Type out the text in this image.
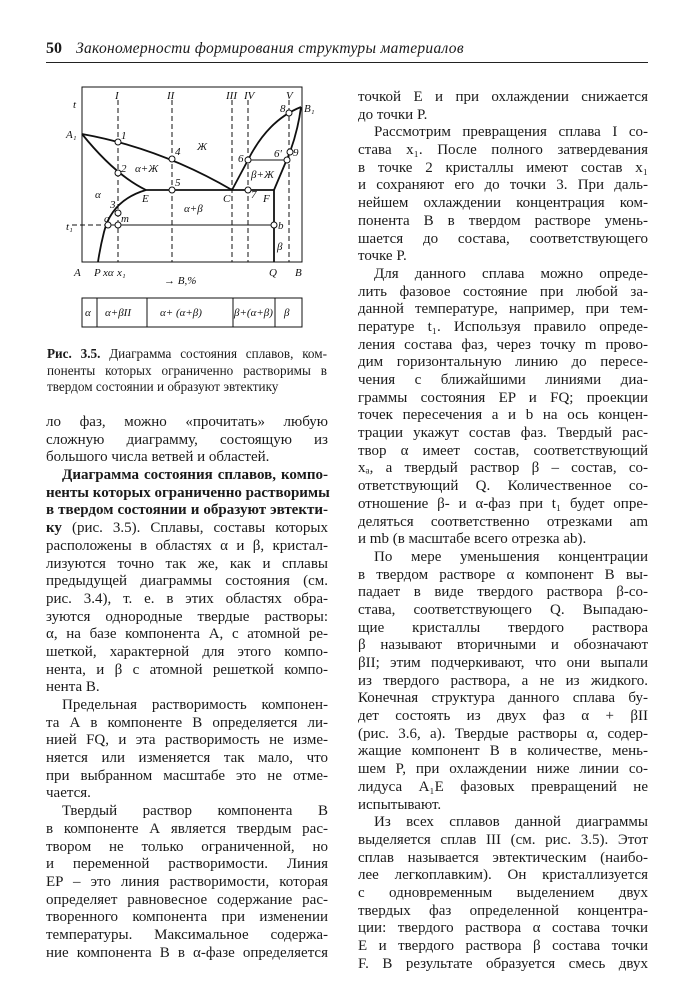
50 Закономерности формирования структуры материалов
t
A₁
B₁
t₁
I	II	III IV	V
1
2
3
4
5
6	6′
7
8
9
E	C	F
a m
b
Ж
α+Ж	β+Ж
α
α+β
β
A P xα x₁	Q B
→ B,%
α α+βII	α+ (α+β)	β+(α+β) β
Рис. 3.5. Диаграмма состояния сплавов, ком-
поненты которых ограниченно растворимы в
твердом состоянии и образуют эвтектику
ло фаз, можно «прочитать» любую
сложную диаграмму, состоящую из
большого числа ветвей и областей.
Диаграмма состояния сплавов, компо-
ненты которых ограниченно растворимы
в твердом состоянии и образуют эвтекти-
ку (рис. 3.5). Сплавы, составы которых
расположены в областях α и β, кристал-
лизуются точно так же, как и сплавы
предыдущей диаграммы состояния (см.
рис. 3.4), т. е. в этих областях обра-
зуются однородные твердые растворы:
α, на базе компонента А, с атомной ре-
шеткой, характерной для этого компо-
нента, и β с атомной решеткой компо-
нента В.
Предельная растворимость компонен-
та А в компоненте В определяется ли-
нией FQ, и эта растворимость не изме-
няется или изменяется так мало, что
при выбранном масштабе это не отме-
чается.
Твердый раствор компонента В
в компоненте А является твердым рас-
твором не только ограниченной, но
и переменной растворимости. Линия
EP – это линия растворимости, которая
определяет равновесное содержание рас-
творенного компонента при изменении
температуры. Максимальное содержа-
ние компонента B в α-фазе определяется
точкой E и при охлаждении снижается
до точки P.
Рассмотрим превращения сплава I со-
става x₁. После полного затвердевания
в точке 2 кристаллы имеют состав x₁
и сохраняют его до точки 3. При даль-
нейшем охлаждении концентрация ком-
понента В в твердом растворе умень-
шается до состава, соответствующего
точке P.
Для данного сплава можно опреде-
лить фазовое состояние при любой за-
данной температуре, например, при тем-
пературе t₁. Используя правило опреде-
ления состава фаз, через точку m прово-
дим горизонтальную линию до пересе-
чения с ближайшими линиями диа-
граммы состояния EP и FQ; проекции
точек пересечения a и b на ось концен-
трации укажут состав фаз. Твердый рас-
твор α имеет состав, соответствующий
xₐ, а твердый раствор β – состав, со-
ответствующий Q. Количественное со-
отношение β- и α-фаз при t₁ будет опре-
деляться соответственно отрезками am
и mb (в масштабе всего отрезка ab).
По мере уменьшения концентрации
в твердом растворе α компонент В вы-
падает в виде твердого раствора β-со-
става, соответствующего Q. Выпадаю-
щие кристаллы твердого раствора
β называют вторичными и обозначают
βII; этим подчеркивают, что они выпали
из твердого раствора, а не из жидкого.
Конечная структура данного сплава бу-
дет состоять из двух фаз α + βII
(рис. 3.6, a). Твердые растворы α, содер-
жащие компонент В в количестве, мень-
шем P, при охлаждении ниже линии со-
лидуса A₁E фазовых превращений не
испытывают.
Из всех сплавов данной диаграммы
выделяется сплав III (см. рис. 3.5). Этот
сплав называется эвтектическим (наибо-
лее легкоплавким). Он кристаллизуется
с одновременным выделением двух
твердых фаз определенной концентра-
ции: твердого раствора α состава точки
E и твердого раствора β состава точки
F. В результате образуется смесь двух
